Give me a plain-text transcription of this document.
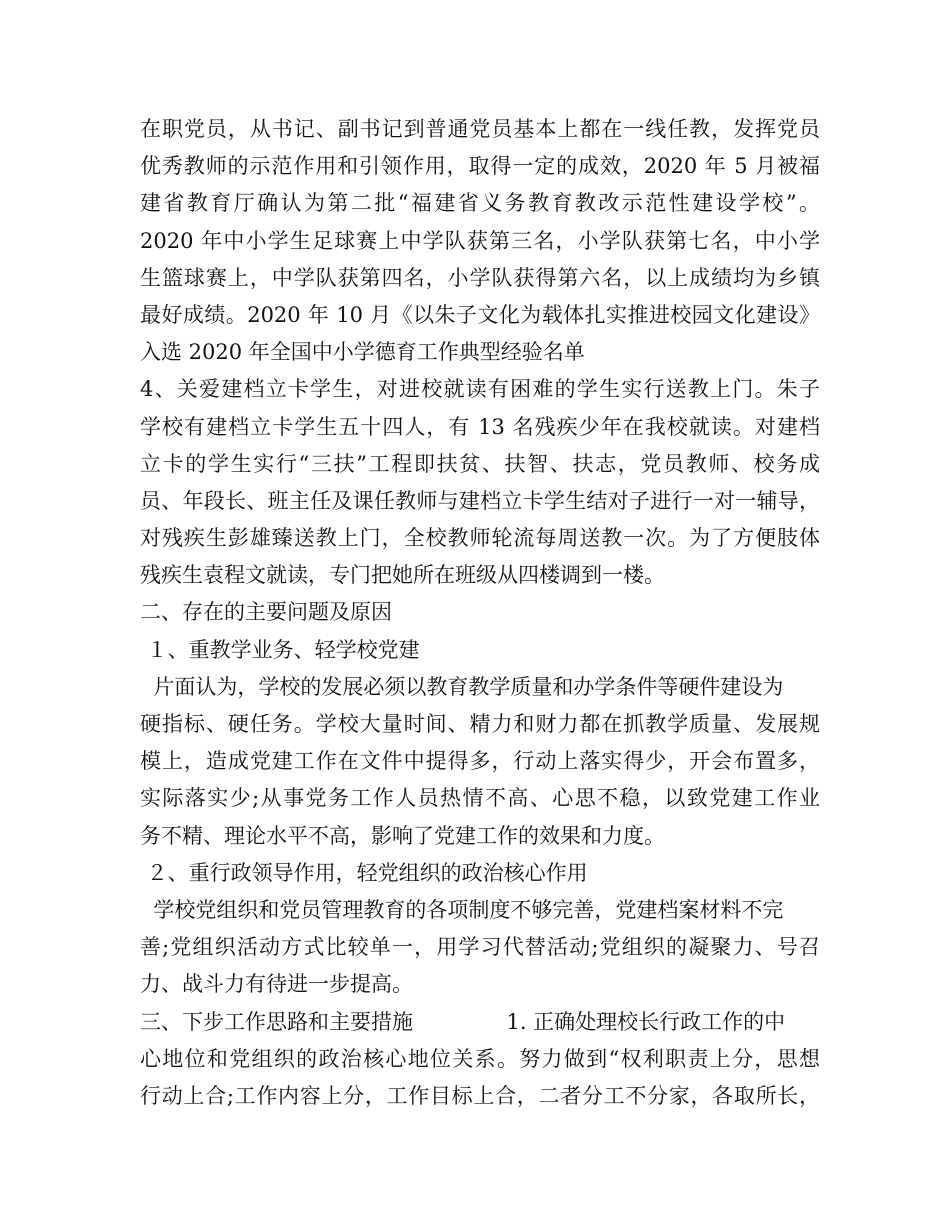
在职党员，从书记、副书记到普通党员基本上都在一线任教，发挥党员
优秀教师的示范作用和引领作用，取得一定的成效，2020 年 5 月被福
建省教育厅确认为第二批“福建省义务教育教改示范性建设学校”。
2020 年中小学生足球赛上中学队获第三名，小学队获第七名，中小学
生篮球赛上，中学队获第四名，小学队获得第六名，以上成绩均为乡镇
最好成绩。2020 年 10 月《以朱子文化为载体扎实推进校园文化建设》
入选 2020 年全国中小学德育工作典型经验名单
4、关爱建档立卡学生，对进校就读有困难的学生实行送教上门。朱子
学校有建档立卡学生五十四人，有 13 名残疾少年在我校就读。对建档
立卡的学生实行“三扶”工程即扶贫、扶智、扶志，党员教师、校务成
员、年段长、班主任及课任教师与建档立卡学生结对子进行一对一辅导，
对残疾生彭雄臻送教上门，全校教师轮流每周送教一次。为了方便肢体
残疾生袁程文就读，专门把她所在班级从四楼调到一楼。
二、存在的主要问题及原因
１、重教学业务、轻学校党建
片面认为，学校的发展必须以教育教学质量和办学条件等硬件建设为
硬指标、硬任务。学校大量时间、精力和财力都在抓教学质量、发展规
模上，造成党建工作在文件中提得多，行动上落实得少，开会布置多，
实际落实少;从事党务工作人员热情不高、心思不稳，以致党建工作业
务不精、理论水平不高，影响了党建工作的效果和力度。
２、重行政领导作用，轻党组织的政治核心作用
学校党组织和党员管理教育的各项制度不够完善，党建档案材料不完
善;党组织活动方式比较单一，用学习代替活动;党组织的凝聚力、号召
力、战斗力有待进一步提高。
三、下步工作思路和主要措施              1. 正确处理校长行政工作的中
心地位和党组织的政治核心地位关系。努力做到“权利职责上分，思想
行动上合;工作内容上分，工作目标上合，二者分工不分家，各取所长，
